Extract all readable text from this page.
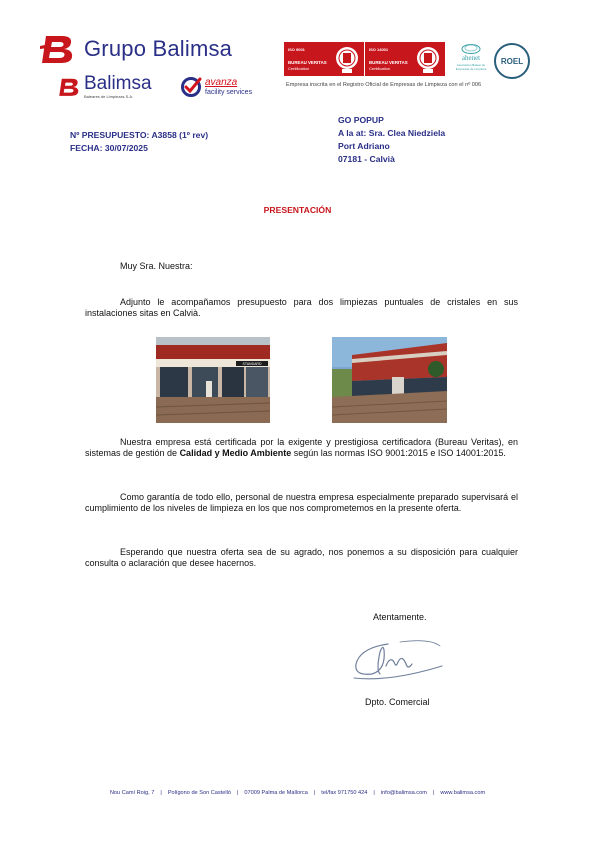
Grupo Balimsa
Balimsa
Baleares de Limpiezas S.A.
avanza
facility services
ISO 9001
BUREAU VERITAS
Certification
ISO 14001
BUREAU VERITAS
Certification
ahenet
Asociación Balear de Empresas de Limpieza
ROEL
Empresa inscrita en el Registro Oficial de Empresas de Limpieza con el nº 006
Nº PRESUPUESTO: A3858 (1º rev)
FECHA: 30/07/2025
GO POPUP
A la at: Sra. Clea Niedziela
Port Adriano
07181 - Calvià
PRESENTACIÓN
Muy Sra. Nuestra:
Adjunto le acompañamos presupuesto para dos limpiezas puntuales de cristales en sus instalaciones sitas en Calvià.
STANDARD
Nuestra empresa está certificada por la exigente y prestigiosa certificadora (Bureau Veritas), en sistemas de gestión de Calidad y Medio Ambiente según las normas ISO 9001:2015 e ISO 14001:2015.
Como garantía de todo ello, personal de nuestra empresa especialmente preparado supervisará el cumplimiento de los niveles de limpieza en los que nos comprometemos en la presente oferta.
Esperando que nuestra oferta sea de su agrado, nos ponemos a su disposición para cualquier consulta o aclaración que desee hacernos.
Atentamente.
Dpto. Comercial
Nou Camí Roig, 7 | Polígono de Son Castelló | 07009 Palma de Mallorca | tel/fax 971750 424 | info@balimsa.com | www.balimsa.com
